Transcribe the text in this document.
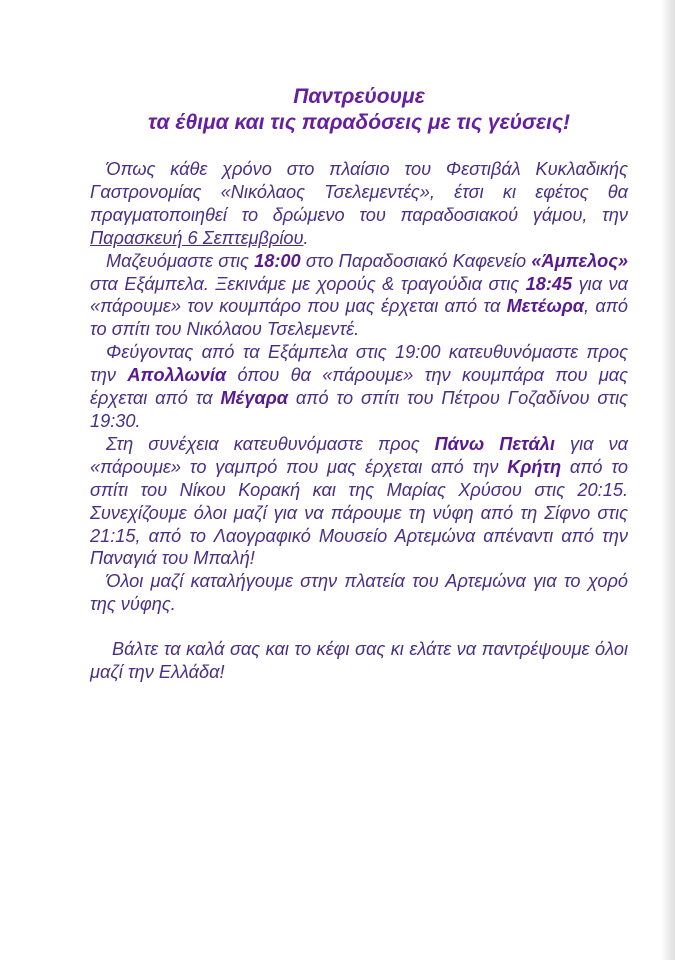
Παντρεύουμε
τα έθιμα και τις παραδόσεις με τις γεύσεις!

Όπως κάθε χρόνο στο πλαίσιο του Φεστιβάλ Κυκλαδικής Γαστρονομίας «Νικόλαος Τσελεμεντές», έτσι κι εφέτος θα πραγματοποιηθεί το δρώμενο του παραδοσιακού γάμου, την Παρασκευή 6 Σεπτεμβρίου.

Μαζευόμαστε στις 18:00 στο Παραδοσιακό Καφενείο «Άμπελος» στα Εξάμπελα. Ξεκινάμε με χορούς & τραγούδια στις 18:45 για να «πάρουμε» τον κουμπάρο που μας έρχεται από τα Μετέωρα, από το σπίτι του Νικόλαου Τσελεμεντέ.

Φεύγοντας από τα Εξάμπελα στις 19:00 κατευθυνόμαστε προς την Απολλωνία όπου θα «πάρουμε» την κουμπάρα που μας έρχεται από τα Μέγαρα από το σπίτι του Πέτρου Γοζαδίνου στις 19:30.

Στη συνέχεια κατευθυνόμαστε προς Πάνω Πετάλι για να «πάρουμε» το γαμπρό που μας έρχεται από την Κρήτη από το σπίτι του Νίκου Κορακή και της Μαρίας Χρύσου στις 20:15. Συνεχίζουμε όλοι μαζί για να πάρουμε τη νύφη από τη Σίφνο στις 21:15, από το Λαογραφικό Μουσείο Αρτεμώνα απέναντι από την Παναγιά του Μπαλή!

Όλοι μαζί καταλήγουμε στην πλατεία του Αρτεμώνα για το χορό της νύφης.

Βάλτε τα καλά σας και το κέφι σας κι ελάτε να παντρέψουμε όλοι μαζί την Ελλάδα!
